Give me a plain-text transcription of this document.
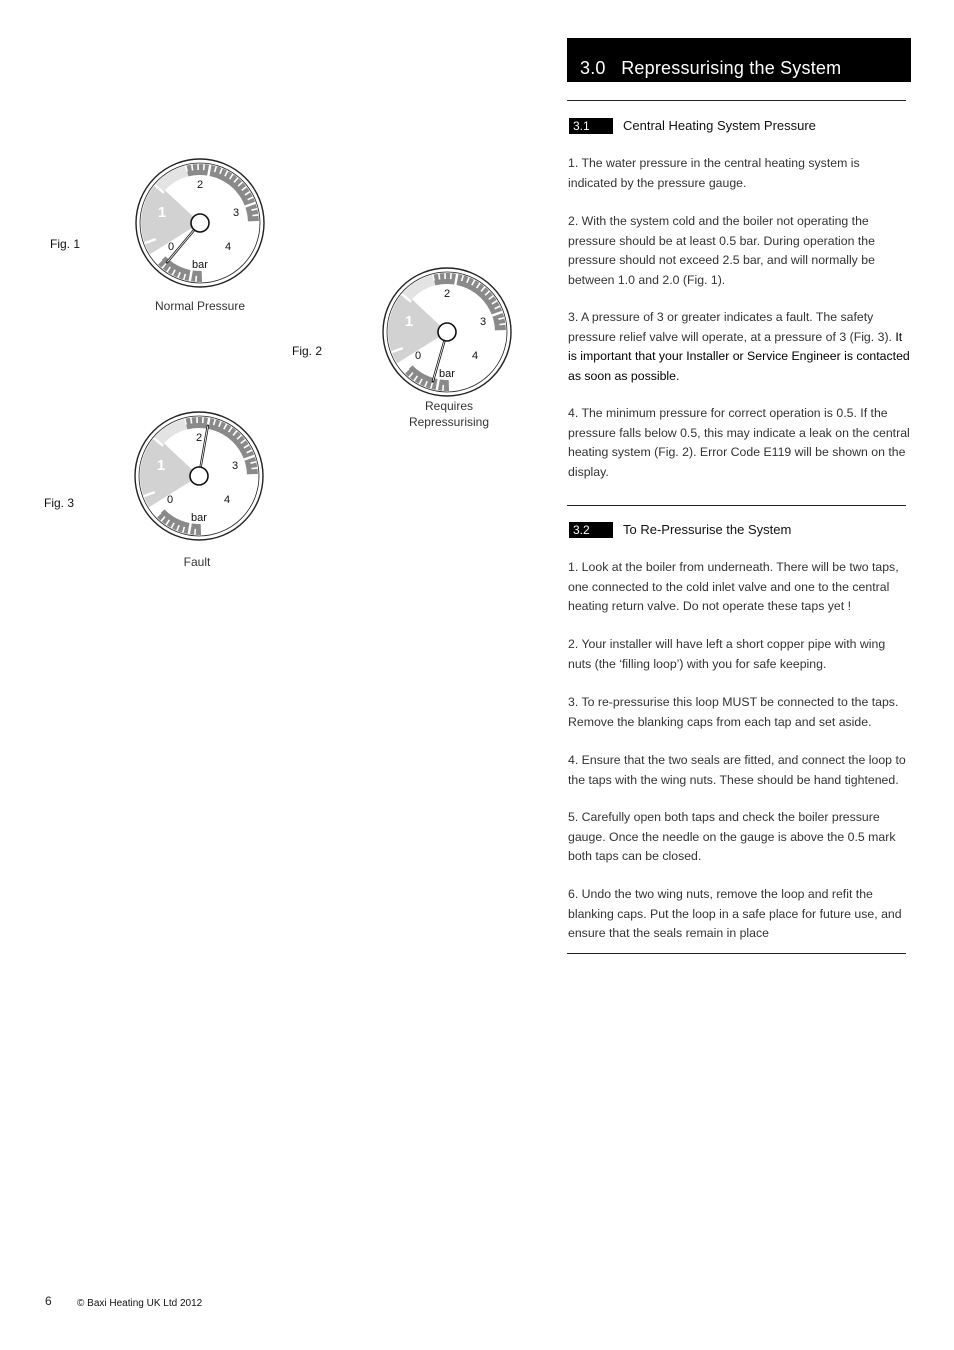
Fig. 1
Fig. 2
Fig. 3
0
1
2
3
4
bar
0
1
2
3
4
bar
0
1
2
3
4
bar
Normal Pressure
Requires
Repressurising
Fault
3.0   Repressurising the System
3.1	Central Heating System Pressure
1. The water pressure in the central heating system is indicated by the pressure gauge.
2. With the system cold and the boiler not operating the pressure should be at least 0.5 bar. During operation the pressure should not exceed 2.5 bar, and will normally be between 1.0 and 2.0 (Fig. 1).
3. A pressure of 3 or greater indicates a fault. The safety pressure relief valve will operate, at a pressure of 3 (Fig. 3). It is important that your Installer or Service Engineer is contacted as soon as possible.
4. The minimum pressure for correct operation is 0.5. If the pressure falls below 0.5, this may indicate a leak on the central heating system (Fig. 2). Error Code E119 will be shown on the display.
3.2	To Re-Pressurise the System
1. Look at the boiler from underneath. There will be two taps, one connected to the cold inlet valve and one to the central heating return valve. Do not operate these taps yet !
2. Your installer will have left a short copper pipe with wing nuts (the ‘filling loop’) with you for safe keeping.
3. To re-pressurise this loop MUST be connected to the taps. Remove the blanking caps from each tap and set aside.
4. Ensure that the two seals are fitted, and connect the loop to the taps with the wing nuts. These should be hand tightened.
5. Carefully open both taps and check the boiler pressure gauge. Once the needle on the gauge is above the 0.5 mark both taps can be closed.
6. Undo the two wing nuts, remove the loop and refit the blanking caps. Put the loop in a safe place for future use, and ensure that the seals remain in place
6	© Baxi Heating UK Ltd 2012
